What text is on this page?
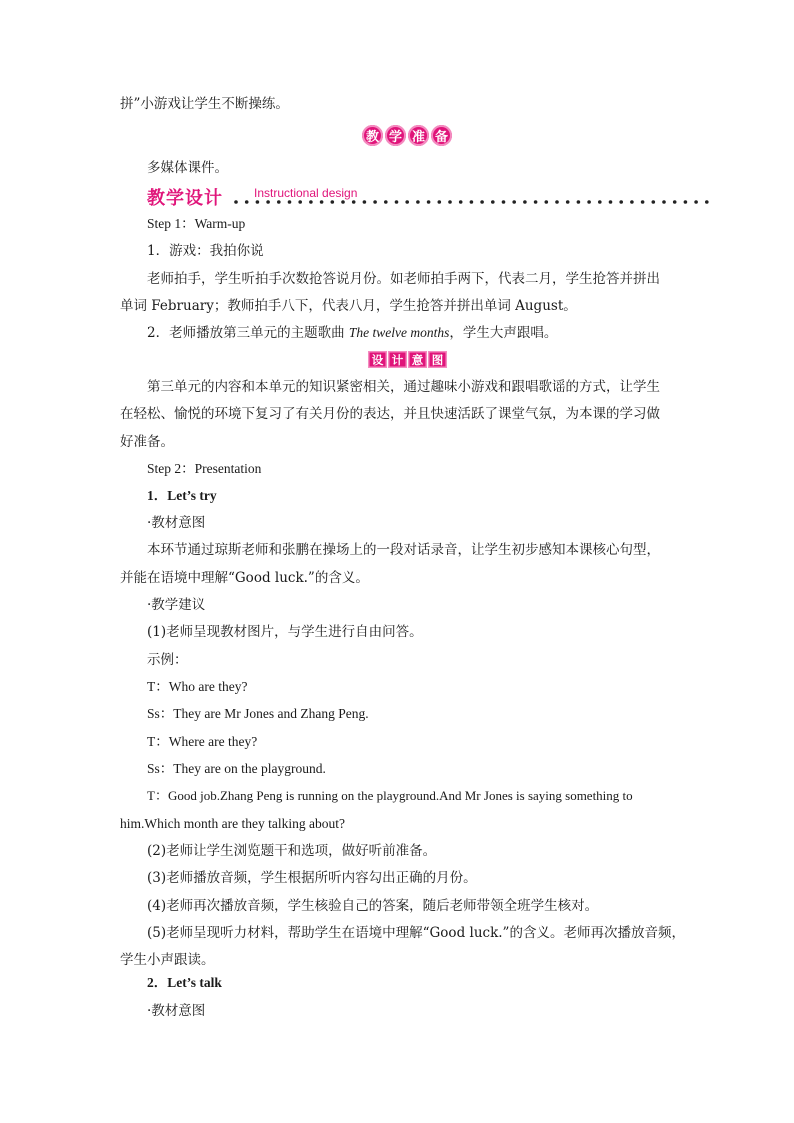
拼”小游戏让学生不断操练。
教 学 准 备
多媒体课件。
教学设计	Instructional design
Step 1：Warm-up
1．游戏：我拍你说
老师拍手，学生听拍手次数抢答说月份。如老师拍手两下，代表二月，学生抢答并拼出
单词 February；教师拍手八下，代表八月，学生抢答并拼出单词 August。
2．老师播放第三单元的主题歌曲 The twelve months，学生大声跟唱。
设 计 意 图
第三单元的内容和本单元的知识紧密相关，通过趣味小游戏和跟唱歌谣的方式，让学生
在轻松、愉悦的环境下复习了有关月份的表达，并且快速活跃了课堂气氛，为本课的学习做
好准备。
Step 2：Presentation
1．Let’s try
·教材意图
本环节通过琼斯老师和张鹏在操场上的一段对话录音，让学生初步感知本课核心句型，
并能在语境中理解“Good luck.”的含义。
·教学建议
(1)老师呈现教材图片，与学生进行自由问答。
示例：
T：Who are they?
Ss：They are Mr Jones and Zhang Peng.
T：Where are they?
Ss：They are on the playground.
T：Good job.Zhang Peng is running on the playground.And Mr Jones is saying something to
him.Which month are they talking about?
(2)老师让学生浏览题干和选项，做好听前准备。
(3)老师播放音频，学生根据所听内容勾出正确的月份。
(4)老师再次播放音频，学生核验自己的答案，随后老师带领全班学生核对。
(5)老师呈现听力材料，帮助学生在语境中理解“Good luck.”的含义。老师再次播放音频，
学生小声跟读。
2．Let’s talk
·教材意图
